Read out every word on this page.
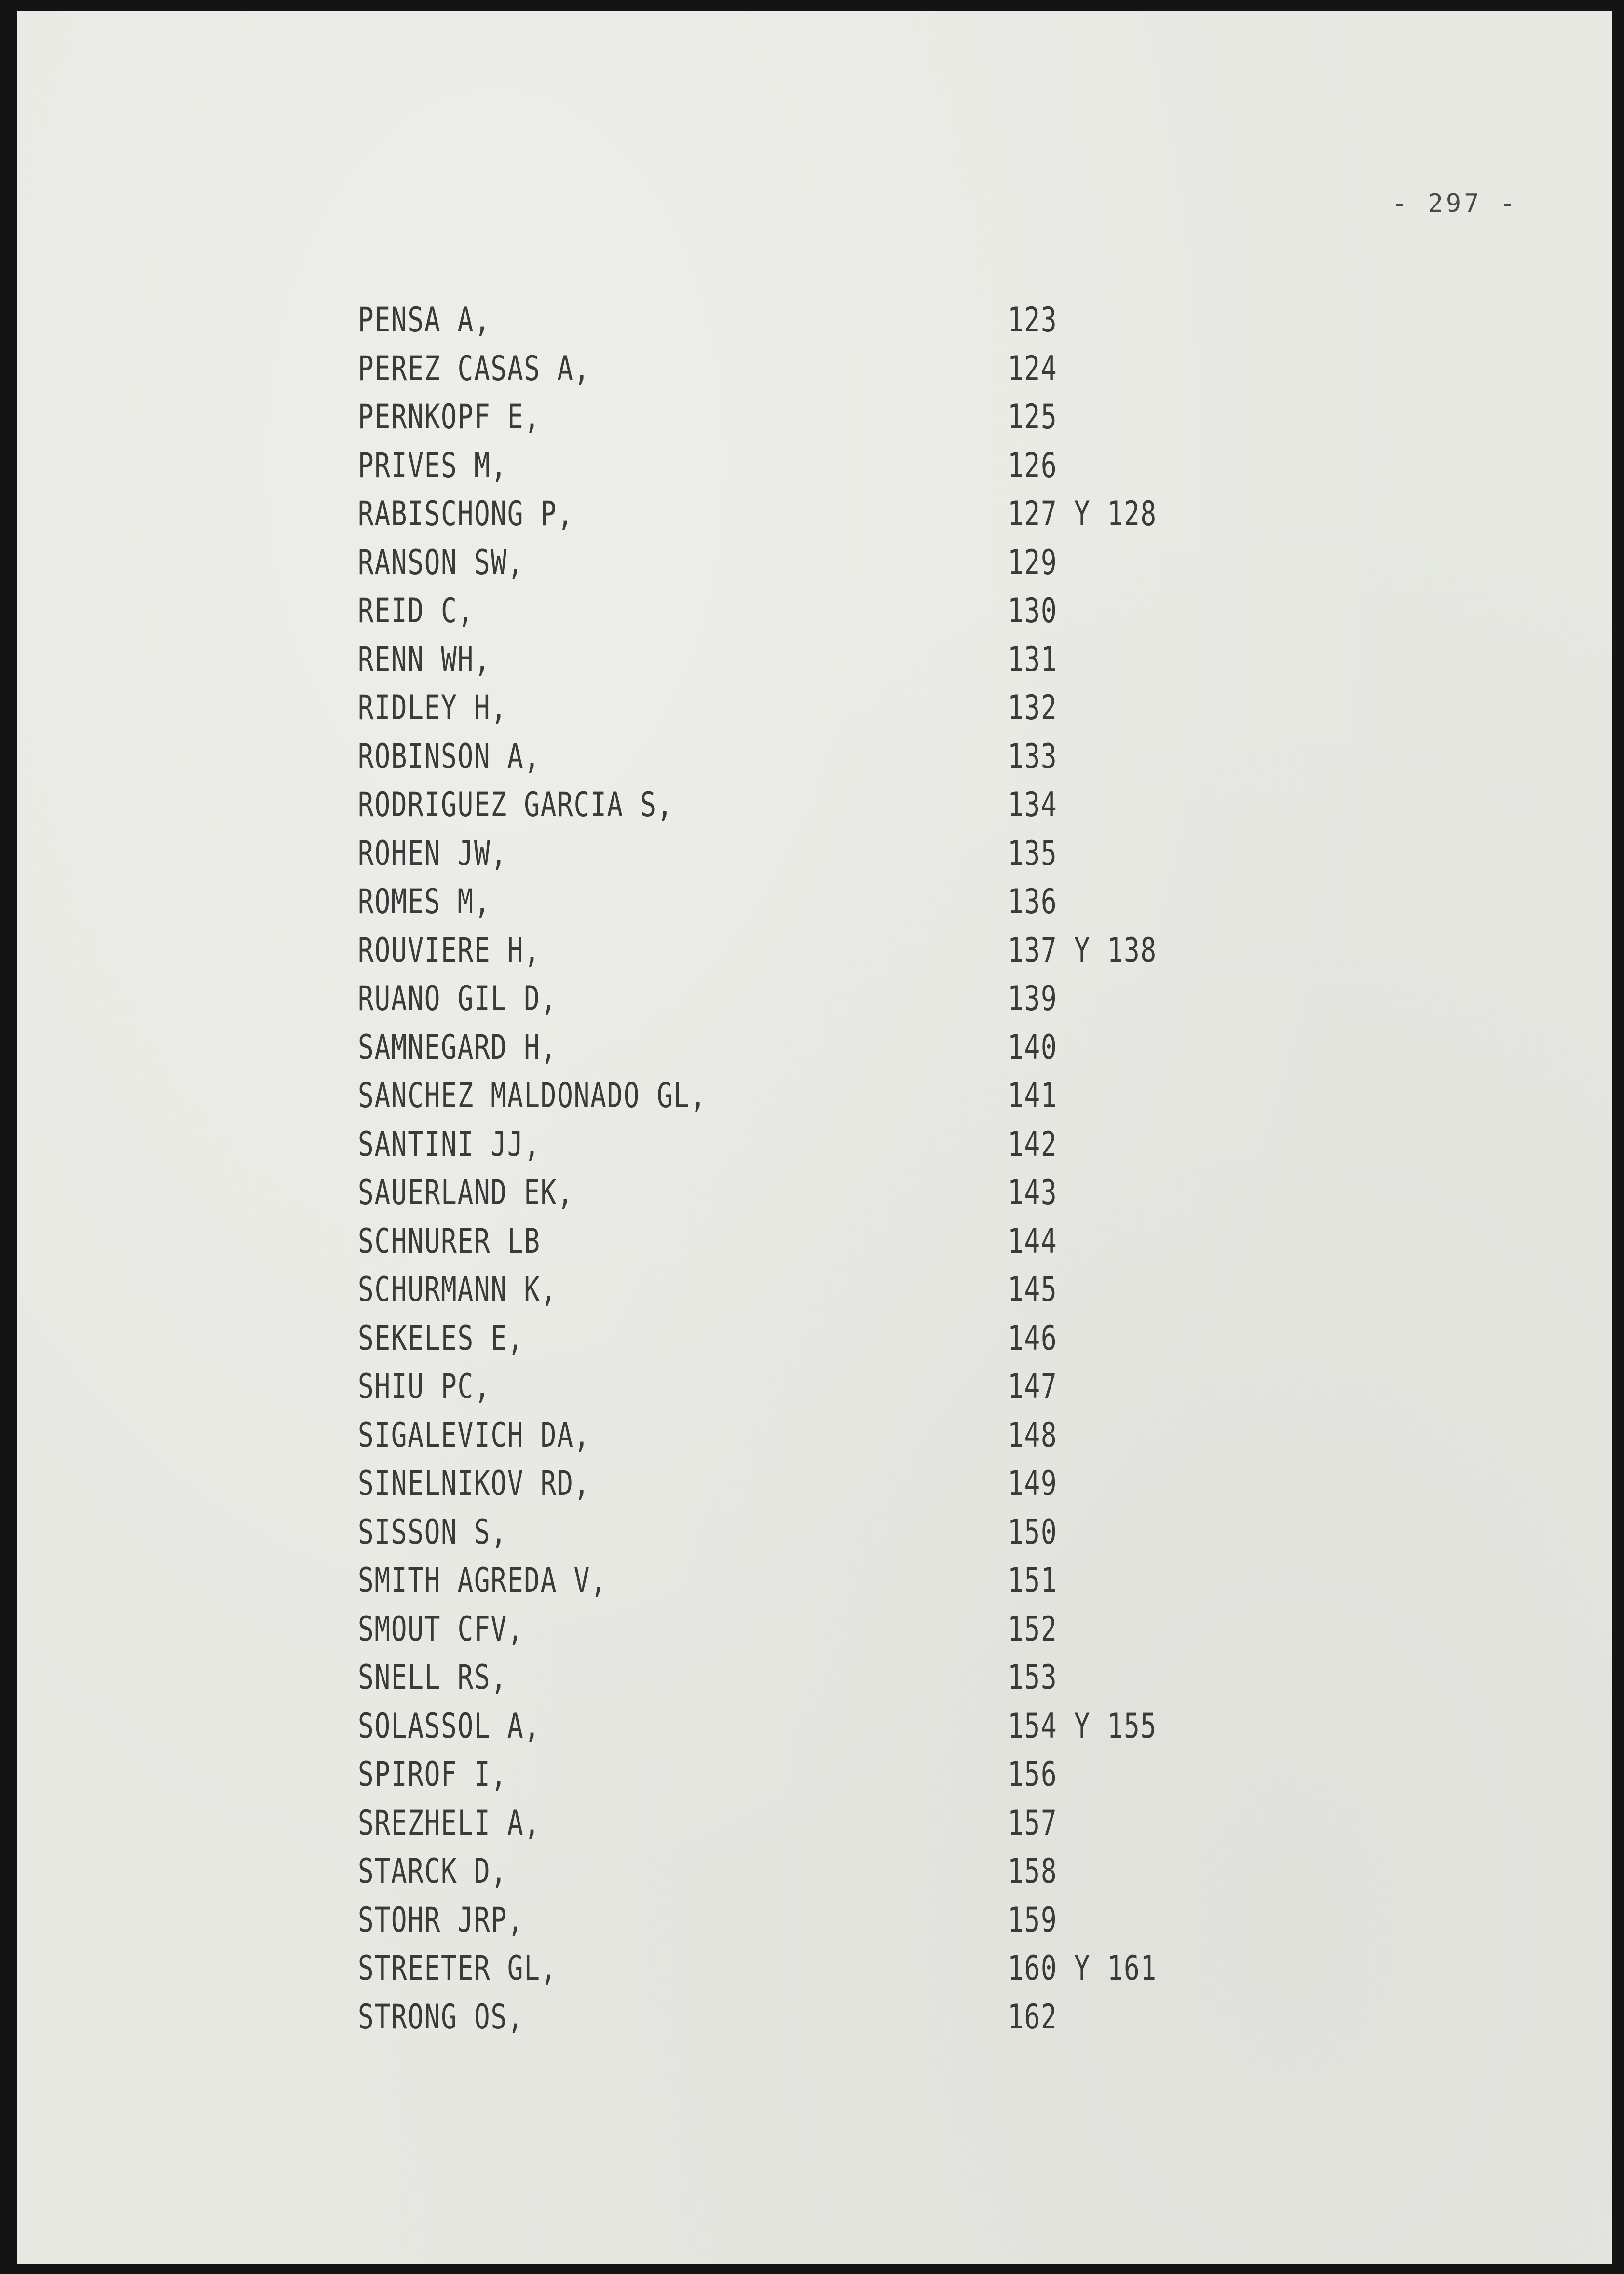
- 297 -
PENSA A,	123
PEREZ CASAS A,	124
PERNKOPF E,	125
PRIVES M,	126
RABISCHONG P,	127 Y 128
RANSON SW,	129
REID C,	130
RENN WH,	131
RIDLEY H,	132
ROBINSON A,	133
RODRIGUEZ GARCIA S,	134
ROHEN JW,	135
ROMES M,	136
ROUVIERE H,	137 Y 138
RUANO GIL D,	139
SAMNEGARD H,	140
SANCHEZ MALDONADO GL,	141
SANTINI JJ,	142
SAUERLAND EK,	143
SCHNURER LB	144
SCHURMANN K,	145
SEKELES E,	146
SHIU PC,	147
SIGALEVICH DA,	148
SINELNIKOV RD,	149
SISSON S,	150
SMITH AGREDA V,	151
SMOUT CFV,	152
SNELL RS,	153
SOLASSOL A,	154 Y 155
SPIROF I,	156
SREZHELI A,	157
STARCK D,	158
STOHR JRP,	159
STREETER GL,	160 Y 161
STRONG OS,	162
